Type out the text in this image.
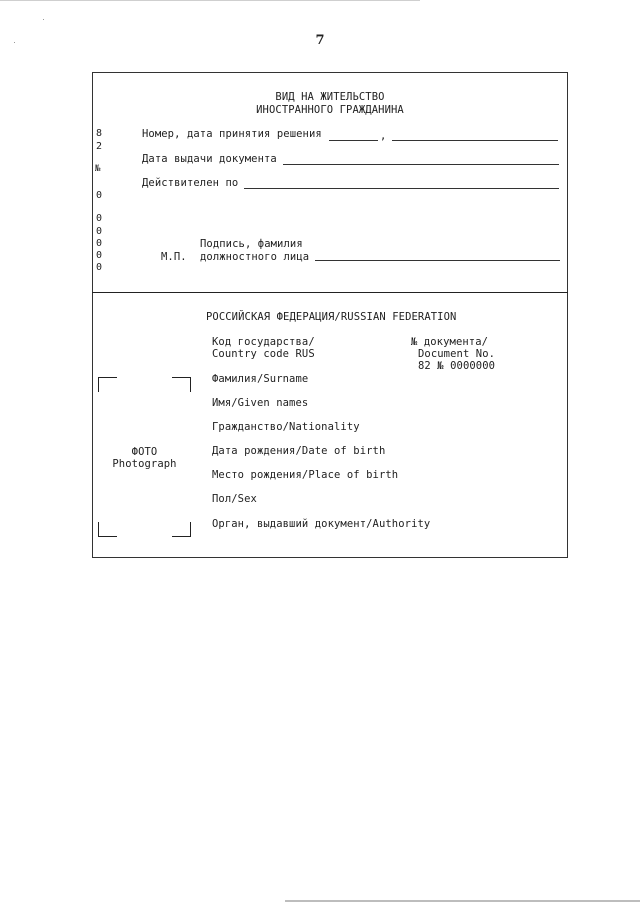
7
ВИД НА ЖИТЕЛЬСТВО
ИНОСТРАННОГО ГРАЖДАНИНА
8
2
№
0
0
0
0
0
0
Номер, дата принятия решения	,
Дата выдачи документа
Действителен по
Подпись, фамилия
М.П. должностного лица
РОССИЙСКАЯ ФЕДЕРАЦИЯ/RUSSIAN FEDERATION
Код государства/
Country code RUS
№ документа/
Document No.
82 № 0000000
ФОТО
Photograph
Фамилия/Surname
Имя/Given names
Гражданство/Nationality
Дата рождения/Date of birth
Место рождения/Place of birth
Пол/Sex
Орган, выдавший документ/Authority
